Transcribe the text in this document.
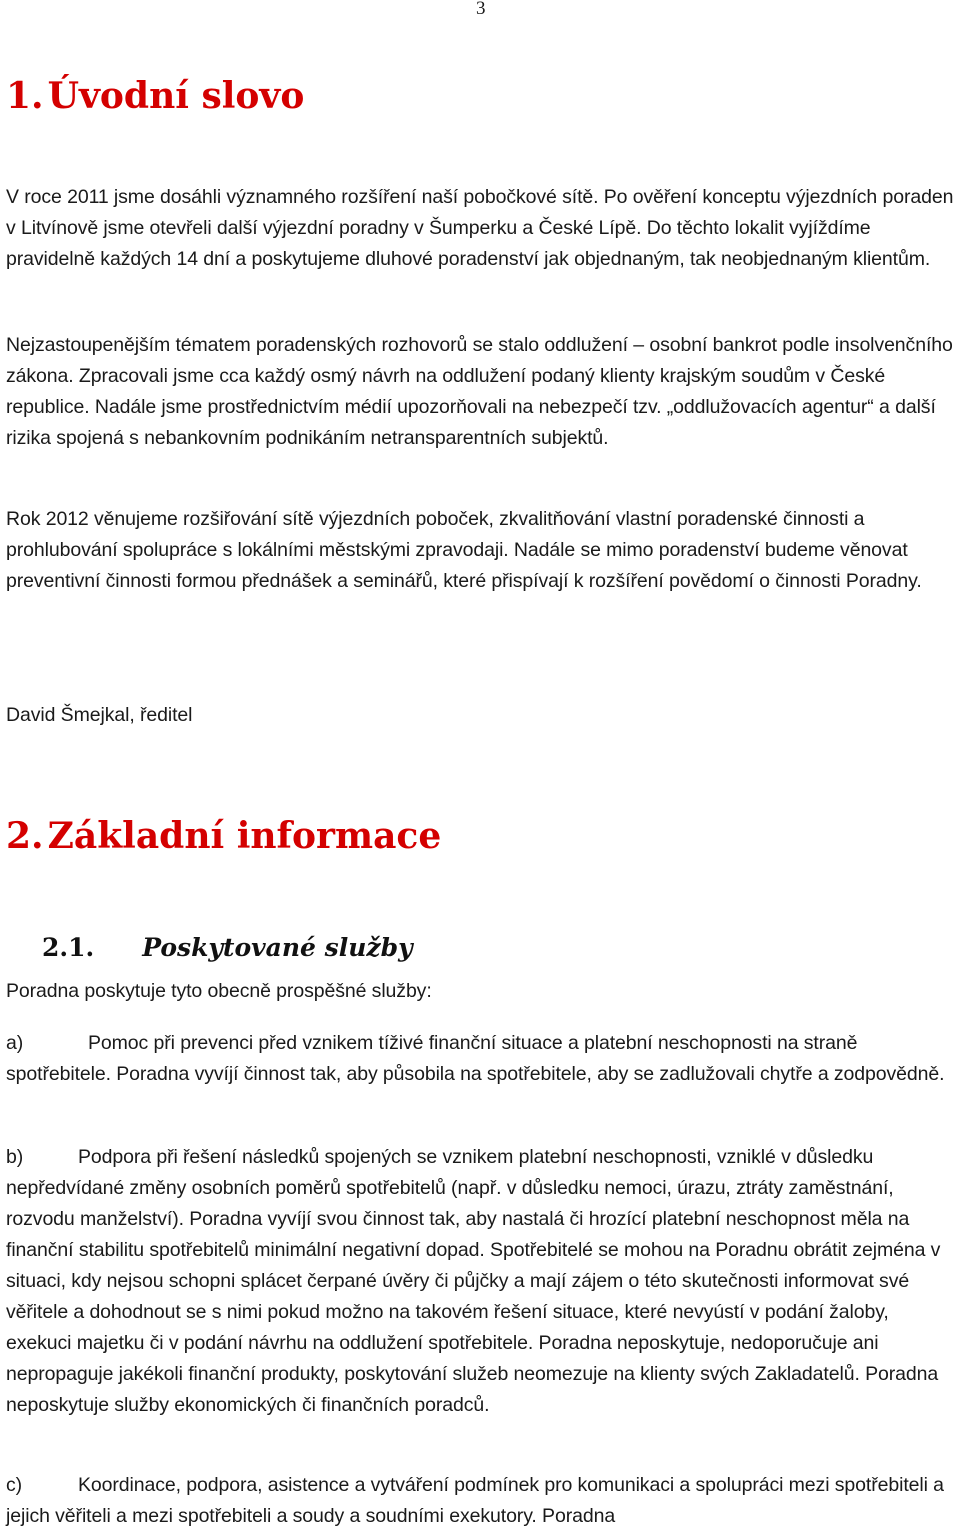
3
1. Úvodní slovo

V roce 2011 jsme dosáhli významného rozšíření naší pobočkové sítě. Po ověření konceptu výjezdních poraden v Litvínově jsme otevřeli další výjezdní poradny v Šumperku a České Lípě. Do těchto lokalit vyjíždíme pravidelně každých 14 dní a poskytujeme dluhové poradenství jak objednaným, tak neobjednaným klientům.

Nejzastoupenějším tématem poradenských rozhovorů se stalo oddlužení – osobní bankrot podle insolvenčního zákona. Zpracovali jsme cca každý osmý návrh na oddlužení podaný klienty krajským soudům v České republice. Nadále jsme prostřednictvím médií upozorňovali na nebezpečí tzv. „oddlužovacích agentur“ a další rizika spojená s nebankovním podnikáním netransparentních subjektů.

Rok 2012 věnujeme rozšiřování sítě výjezdních poboček, zkvalitňování vlastní poradenské činnosti a prohlubování spolupráce s lokálními městskými zpravodaji. Nadále se mimo poradenství budeme věnovat preventivní činnosti formou přednášek a seminářů, které přispívají k rozšíření povědomí o činnosti Poradny.

David Šmejkal, ředitel

2. Základní informace
2.1. Poskytované služby

Poradna poskytuje tyto obecně prospěšné služby:

a)	Pomoc při prevenci před vznikem tíživé finanční situace a platební neschopnosti na straně spotřebitele. Poradna vyvíjí činnost tak, aby působila na spotřebitele, aby se zadlužovali chytře a zodpovědně.

b)	Podpora při řešení následků spojených se vznikem platební neschopnosti, vzniklé v důsledku nepředvídané změny osobních poměrů spotřebitelů (např. v důsledku nemoci, úrazu, ztráty zaměstnání, rozvodu manželství). Poradna vyvíjí svou činnost tak, aby nastalá či hrozící platební neschopnost měla na finanční stabilitu spotřebitelů minimální negativní dopad. Spotřebitelé se mohou na Poradnu obrátit zejména v situaci, kdy nejsou schopni splácet čerpané úvěry či půjčky a mají zájem o této skutečnosti informovat své věřitele a dohodnout se s nimi pokud možno na takovém řešení situace, které nevyústí v podání žaloby, exekuci majetku či v podání návrhu na oddlužení spotřebitele. Poradna neposkytuje, nedoporučuje ani nepropaguje jakékoli finanční produkty, poskytování služeb neomezuje na klienty svých Zakladatelů. Poradna neposkytuje služby ekonomických či finančních poradců.

c)	Koordinace, podpora, asistence a vytváření podmínek pro komunikaci a spolupráci mezi spotřebiteli a jejich věřiteli a mezi spotřebiteli a soudy a soudními exekutory. Poradna
